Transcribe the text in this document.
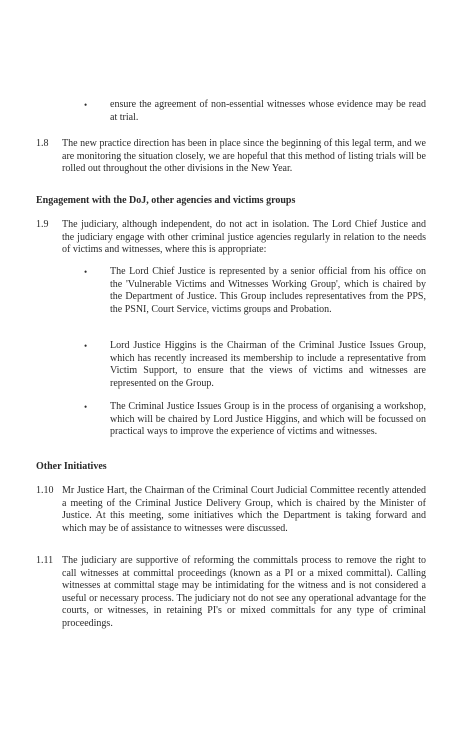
•	ensure the agreement of non-essential witnesses whose evidence may be read at trial.
1.8	The new practice direction has been in place since the beginning of this legal term, and we are monitoring the situation closely, we are hopeful that this method of listing trials will be rolled out throughout the other divisions in the New Year.
Engagement with the DoJ, other agencies and victims groups
1.9	The judiciary, although independent, do not act in isolation. The Lord Chief Justice and the judiciary engage with other criminal justice agencies regularly in relation to the needs of victims and witnesses, where this is appropriate:
•	The Lord Chief Justice is represented by a senior official from his office on the 'Vulnerable Victims and Witnesses Working Group', which is chaired by the Department of Justice. This Group includes representatives from the PPS, the PSNI, Court Service, victims groups and Probation.
•	Lord Justice Higgins is the Chairman of the Criminal Justice Issues Group, which has recently increased its membership to include a representative from Victim Support, to ensure that the views of victims and witnesses are represented on the Group.
•	The Criminal Justice Issues Group is in the process of organising a workshop, which will be chaired by Lord Justice Higgins, and which will be focussed on practical ways to improve the experience of victims and witnesses.
Other Initiatives
1.10 Mr Justice Hart, the Chairman of the Criminal Court Judicial Committee recently attended a meeting of the Criminal Justice Delivery Group, which is chaired by the Minister of Justice. At this meeting, some initiatives which the Department is taking forward and which may be of assistance to witnesses were discussed.
1.11 The judiciary are supportive of reforming the committals process to remove the right to call witnesses at committal proceedings (known as a PI or a mixed committal). Calling witnesses at committal stage may be intimidating for the witness and is not considered a useful or necessary process. The judiciary not do not see any operational advantage for the courts, or witnesses, in retaining PI's or mixed committals for any type of criminal proceedings.
